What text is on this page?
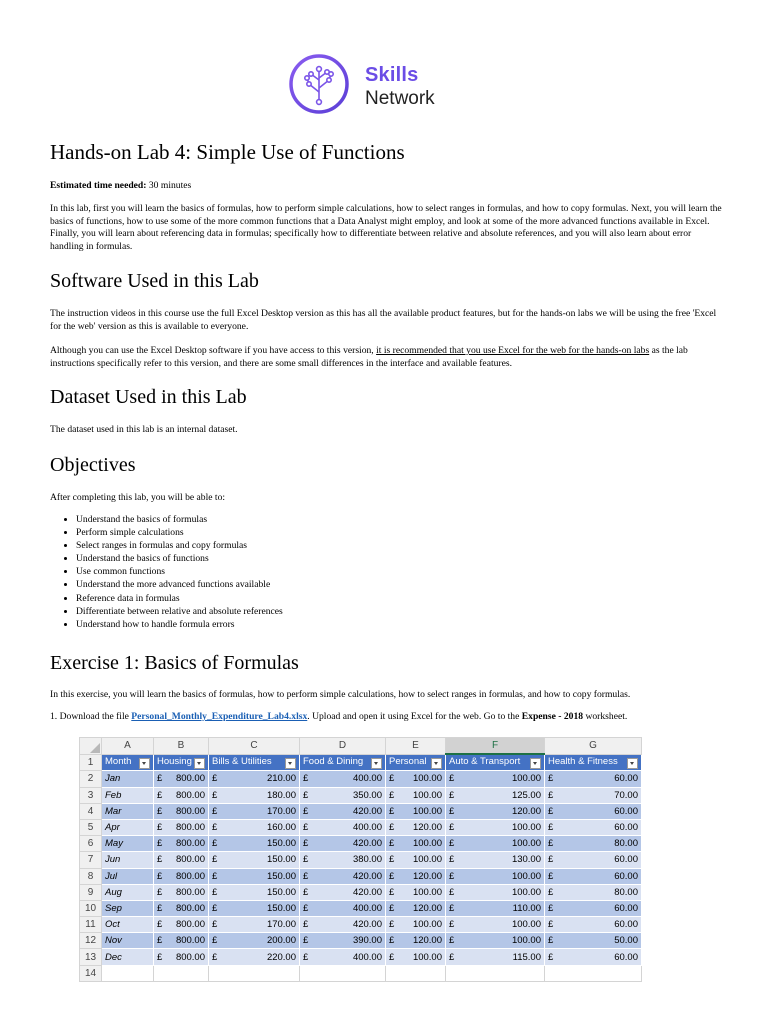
Skills
Network
Hands-on Lab 4: Simple Use of Functions

Estimated time needed: 30 minutes

In this lab, first you will learn the basics of formulas, how to perform simple calculations, how to select ranges in formulas, and how to copy formulas. Next, you will learn the basics of functions, how to use some of the more common functions that a Data Analyst might employ, and look at some of the more advanced functions available in Excel. Finally, you will learn about referencing data in formulas; specifically how to differentiate between relative and absolute references, and you will also learn about error handling in formulas.

Software Used in this Lab

The instruction videos in this course use the full Excel Desktop version as this has all the available product features, but for the hands-on labs we will be using the free 'Excel for the web' version as this is available to everyone.

Although you can use the Excel Desktop software if you have access to this version, it is recommended that you use Excel for the web for the hands-on labs as the lab instructions specifically refer to this version, and there are some small differences in the interface and available features.

Dataset Used in this Lab

The dataset used in this lab is an internal dataset.

Objectives

After completing this lab, you will be able to:

• Understand the basics of formulas
• Perform simple calculations
• Select ranges in formulas and copy formulas
• Understand the basics of functions
• Use common functions
• Understand the more advanced functions available
• Reference data in formulas
• Differentiate between relative and absolute references
• Understand how to handle formula errors
Exercise 1: Basics of Formulas

In this exercise, you will learn the basics of formulas, how to perform simple calculations, how to select ranges in formulas, and how to copy formulas.

1. Download the file Personal_Monthly_Expenditure_Lab4.xlsx. Upload and open it using Excel for the web. Go to the Expense - 2018 worksheet.
	A	B	C	D	E	F	G
1	Month	Housing	Bills & Utilities	Food & Dining	Personal	Auto & Transport	Health & Fitness

2	Jan	£ 800.00	£ 210.00	£ 400.00	£ 100.00	£ 100.00	£ 60.00

3	Feb	£ 800.00	£ 180.00	£ 350.00	£ 100.00	£ 125.00	£ 70.00

4	Mar	£ 800.00	£ 170.00	£ 420.00	£ 100.00	£ 120.00	£ 60.00

5	Apr	£ 800.00	£ 160.00	£ 400.00	£ 120.00	£ 100.00	£ 60.00

6	May	£ 800.00	£ 150.00	£ 420.00	£ 100.00	£ 100.00	£ 80.00

7	Jun	£ 800.00	£ 150.00	£ 380.00	£ 100.00	£ 130.00	£ 60.00

8	Jul	£ 800.00	£ 150.00	£ 420.00	£ 120.00	£ 100.00	£ 60.00

9	Aug	£ 800.00	£ 150.00	£ 420.00	£ 100.00	£ 100.00	£ 80.00

10	Sep	£ 800.00	£ 150.00	£ 400.00	£ 120.00	£ 110.00	£ 60.00

11	Oct	£ 800.00	£ 170.00	£ 420.00	£ 100.00	£ 100.00	£ 60.00

12	Nov	£ 800.00	£ 200.00	£ 390.00	£ 120.00	£ 100.00	£ 50.00

13	Dec	£ 800.00	£ 220.00	£ 400.00	£ 100.00	£ 115.00	£ 60.00

14							
